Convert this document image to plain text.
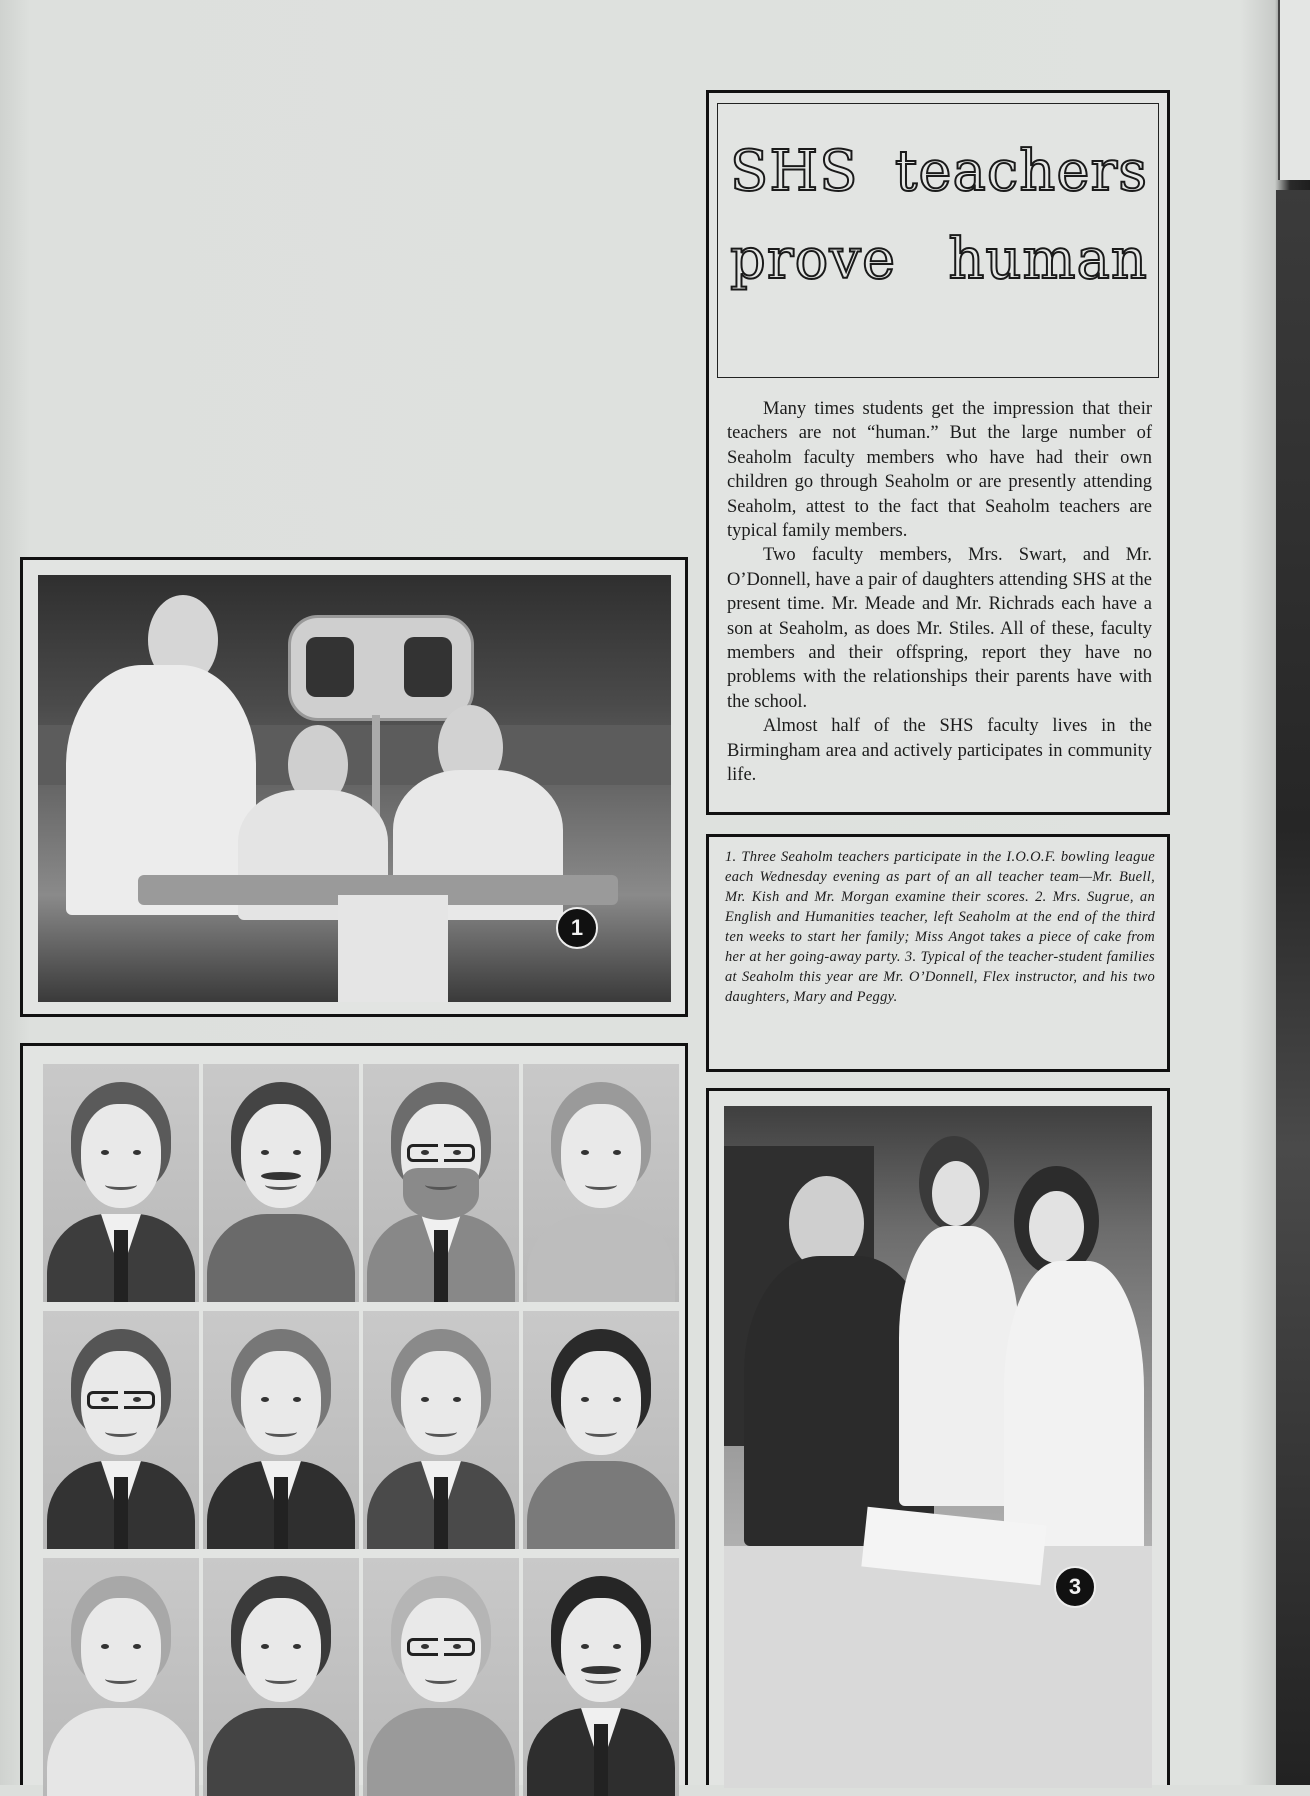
SHS teachers
prove human

Many times students get the impression that their teachers are not “human.” But the large number of Seaholm faculty members who have had their own children go through Seaholm or are presently attending Seaholm, attest to the fact that Seaholm teachers are typical family members.

Two faculty members, Mrs. Swart, and Mr. O’Donnell, have a pair of daughters attending SHS at the present time. Mr. Meade and Mr. Richrads each have a son at Seaholm, as does Mr. Stiles. All of these, faculty members and their offspring, report they have no problems with the relationships their parents have with the school.

Almost half of the SHS faculty lives in the Birmingham area and actively participates in community life.

1. Three Seaholm teachers participate in the I.O.O.F. bowling league each Wednesday evening as part of an all teacher team—Mr. Buell, Mr. Kish and Mr. Morgan examine their scores. 2. Mrs. Sugrue, an English and Humanities teacher, left Seaholm at the end of the third ten weeks to start her family; Miss Angot takes a piece of cake from her at her going-away party. 3. Typical of the teacher-student families at Seaholm this year are Mr. O’Donnell, Flex instructor, and his two daughters, Mary and Peggy.
1
3
